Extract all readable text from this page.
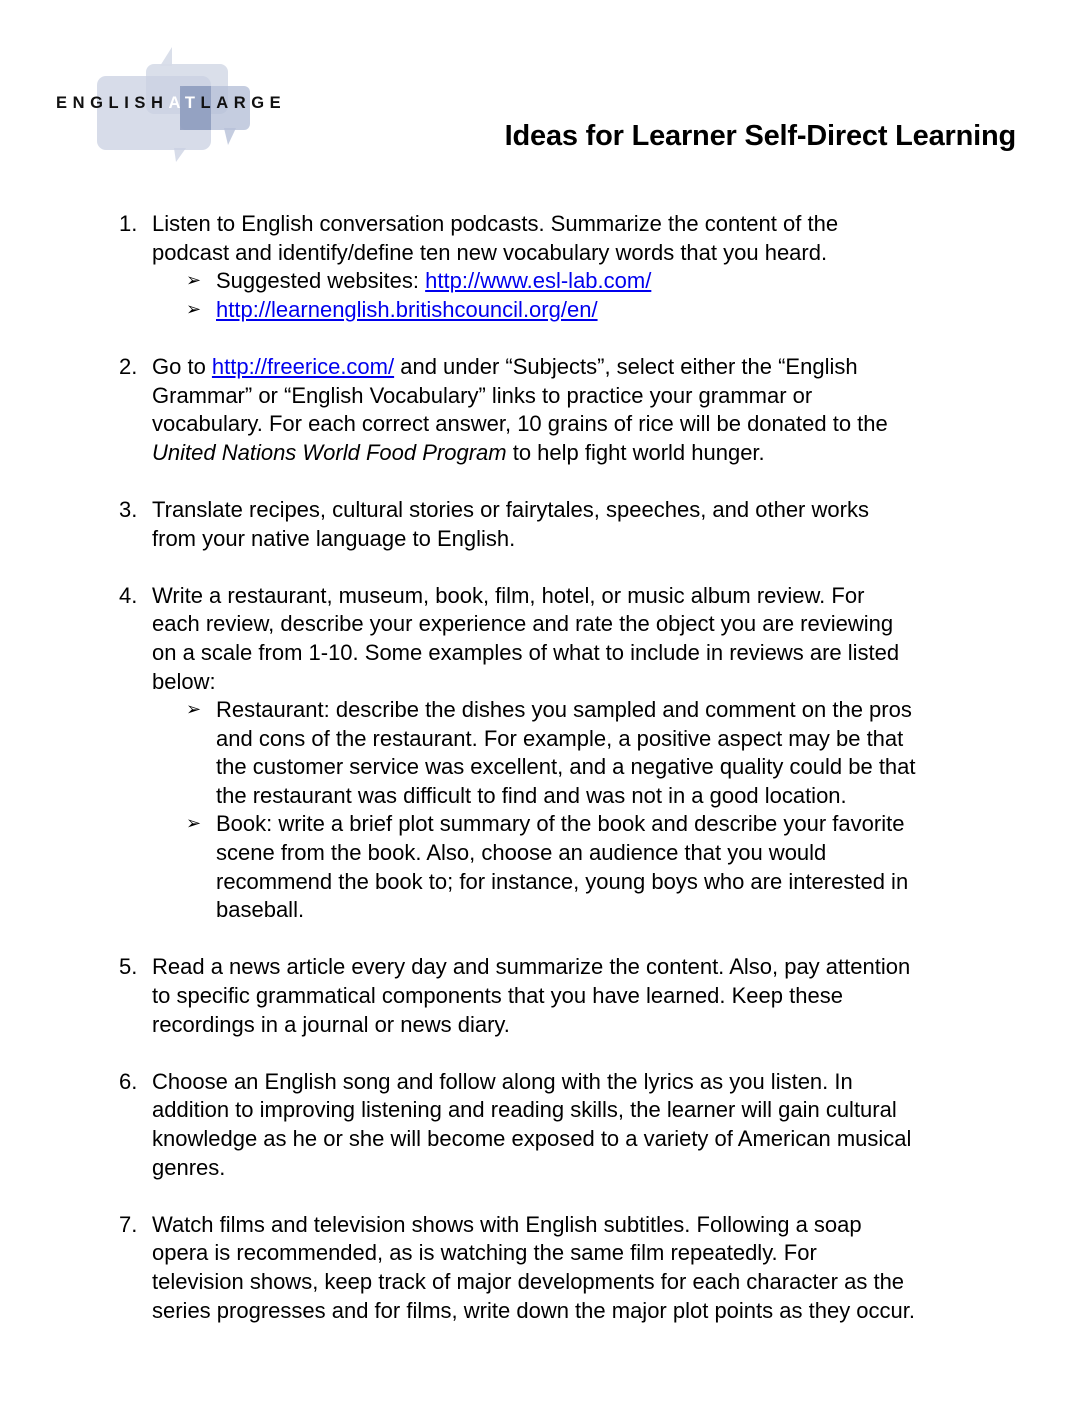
ENGLISHATLARGE
Ideas for Learner Self-Direct Learning
1. Listen to English conversation podcasts. Summarize the content of the
podcast and identify/define ten new vocabulary words that you heard.
➢ Suggested websites: http://www.esl-lab.com/
➢ http://learnenglish.britishcouncil.org/en/
2. Go to http://freerice.com/ and under “Subjects”, select either the “English
Grammar” or “English Vocabulary” links to practice your grammar or
vocabulary. For each correct answer, 10 grains of rice will be donated to the
United Nations World Food Program to help fight world hunger.
3. Translate recipes, cultural stories or fairytales, speeches, and other works
from your native language to English.
4. Write a restaurant, museum, book, film, hotel, or music album review. For
each review, describe your experience and rate the object you are reviewing
on a scale from 1-10. Some examples of what to include in reviews are listed
below:
➢ Restaurant: describe the dishes you sampled and comment on the pros
and cons of the restaurant. For example, a positive aspect may be that
the customer service was excellent, and a negative quality could be that
the restaurant was difficult to find and was not in a good location.
➢ Book: write a brief plot summary of the book and describe your favorite
scene from the book. Also, choose an audience that you would
recommend the book to; for instance, young boys who are interested in
baseball.
5. Read a news article every day and summarize the content. Also, pay attention
to specific grammatical components that you have learned. Keep these
recordings in a journal or news diary.
6. Choose an English song and follow along with the lyrics as you listen. In
addition to improving listening and reading skills, the learner will gain cultural
knowledge as he or she will become exposed to a variety of American musical
genres.
7. Watch films and television shows with English subtitles. Following a soap
opera is recommended, as is watching the same film repeatedly. For
television shows, keep track of major developments for each character as the
series progresses and for films, write down the major plot points as they occur.
